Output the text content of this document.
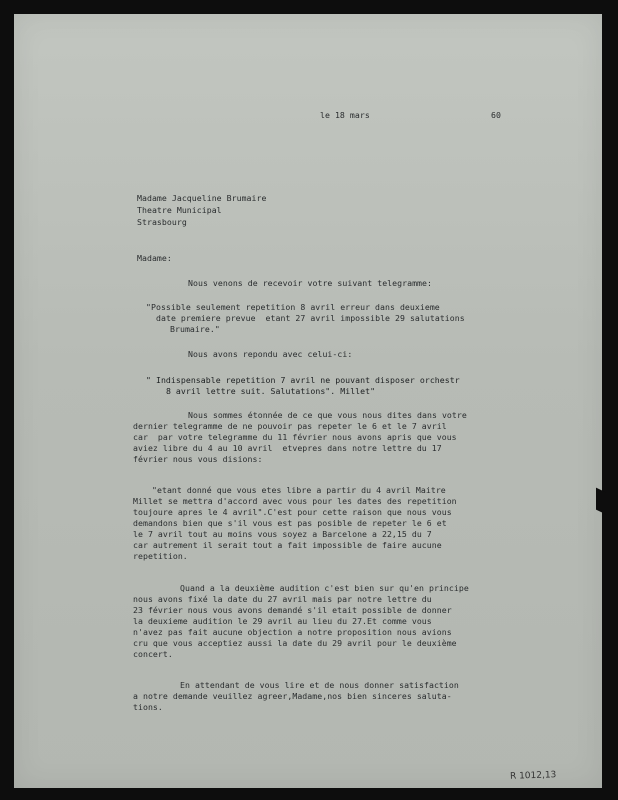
le 18 mars	60
Madame Jacqueline Brumaire
Theatre Municipal
Strasbourg
Madame:
Nous venons de recevoir votre suivant telegramme:
"Possible seulement repetition 8 avril erreur dans deuxieme
date premiere prevue  etant 27 avril impossible 29 salutations
Brumaire."
Nous avons repondu avec celui-ci:
" Indispensable repetition 7 avril ne pouvant disposer orchestr
8 avril lettre suit. Salutations". Millet"
Nous sommes étonnée de ce que vous nous dites dans votre
dernier telegramme de ne pouvoir pas repeter le 6 et le 7 avril
car  par votre telegramme du 11 février nous avons apris que vous
aviez libre du 4 au 10 avril  etvepres dans notre lettre du 17
février nous vous disions:
"etant donné que vous etes libre a partir du 4 avril Maitre
Millet se mettra d'accord avec vous pour les dates des repetition
toujoure apres le 4 avril".C'est pour cette raison que nous vous
demandons bien que s'il vous est pas posible de repeter le 6 et
le 7 avril tout au moins vous soyez a Barcelone a 22,15 du 7
car autrement il serait tout a fait impossible de faire aucune
repetition.
Quand a la deuxième audition c'est bien sur qu'en principe
nous avons fixé la date du 27 avril mais par notre lettre du
23 février nous vous avons demandé s'il etait possible de donner
la deuxieme audition le 29 avril au lieu du 27.Et comme vous
n'avez pas fait aucune objection a notre proposition nous avions
cru que vous acceptiez aussi la date du 29 avril pour le deuxième
concert.
En attendant de vous lire et de nous donner satisfaction
a notre demande veuillez agreer,Madame,nos bien sinceres saluta-
tions.
R 1012,13
